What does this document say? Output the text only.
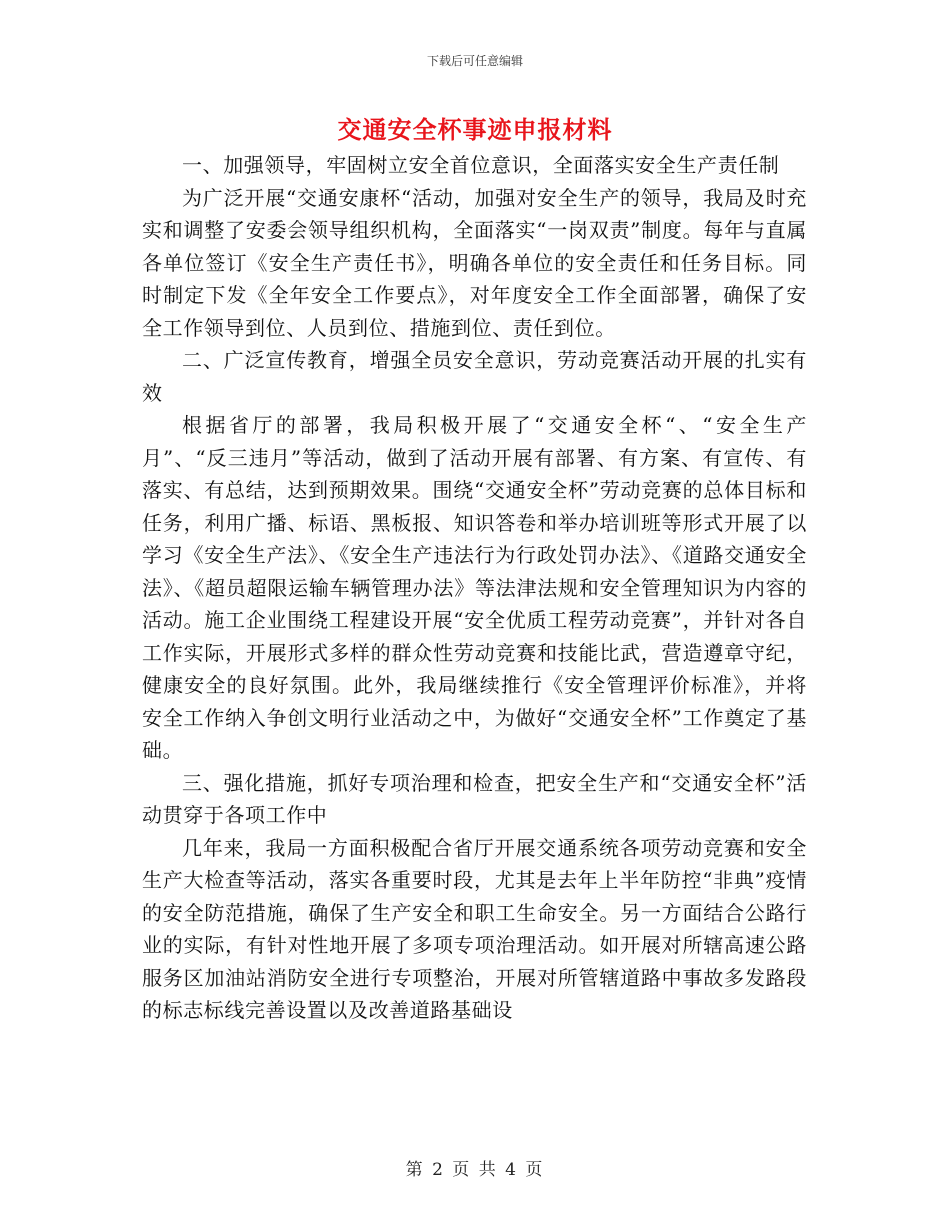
下载后可任意编辑
交通安全杯事迹申报材料

一、加强领导，牢固树立安全首位意识，全面落实安全生产责任制

为广泛开展“交通安康杯“活动，加强对安全生产的领导，我局及时充实和调整了安委会领导组织机构，全面落实“一岗双责”制度。每年与直属各单位签订《安全生产责任书》，明确各单位的安全责任和任务目标。同时制定下发《全年安全工作要点》，对年度安全工作全面部署，确保了安全工作领导到位、人员到位、措施到位、责任到位。

二、广泛宣传教育，增强全员安全意识，劳动竞赛活动开展的扎实有效

根据省厅的部署，我局积极开展了“交通安全杯“、“安全生产月”、“反三违月”等活动，做到了活动开展有部署、有方案、有宣传、有落实、有总结，达到预期效果。围绕“交通安全杯”劳动竞赛的总体目标和任务，利用广播、标语、黑板报、知识答卷和举办培训班等形式开展了以学习《安全生产法》、《安全生产违法行为行政处罚办法》、《道路交通安全法》、《超员超限运输车辆管理办法》等法津法规和安全管理知识为内容的活动。施工企业围绕工程建设开展“安全优质工程劳动竞赛”，并针对各自工作实际，开展形式多样的群众性劳动竞赛和技能比武，营造遵章守纪，健康安全的良好氛围。此外，我局继续推行《安全管理评价标准》，并将安全工作纳入争创文明行业活动之中，为做好“交通安全杯”工作奠定了基础。

三、强化措施，抓好专项治理和检查，把安全生产和“交通安全杯”活动贯穿于各项工作中

几年来，我局一方面积极配合省厅开展交通系统各项劳动竞赛和安全生产大检查等活动，落实各重要时段，尤其是去年上半年防控“非典”疫情的安全防范措施，确保了生产安全和职工生命安全。另一方面结合公路行业的实际，有针对性地开展了多项专项治理活动。如开展对所辖高速公路服务区加油站消防安全进行专项整治，开展对所管辖道路中事故多发路段的标志标线完善设置以及改善道路基础设

第 2 页 共 4 页
